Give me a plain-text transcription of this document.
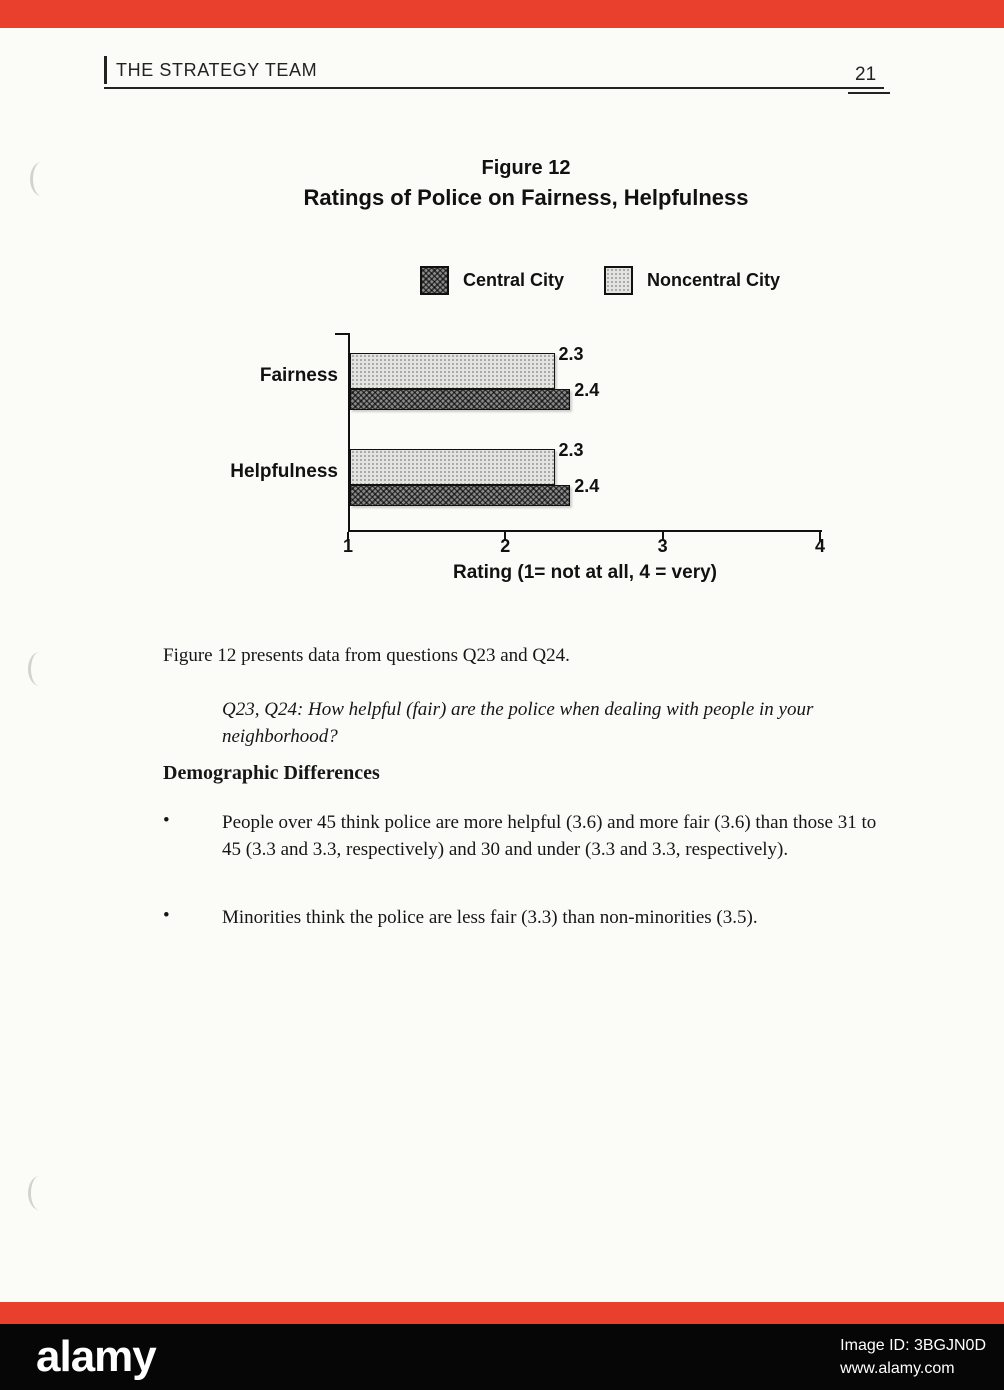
THE STRATEGY TEAM	21
Figure 12
Ratings of Police on Fairness, Helpfulness
Central City	Noncentral City
Fairness
Helpfulness
2.3
2.4
2.3
2.4
1	2	3	4
Rating (1= not at all, 4 = very)
Figure 12 presents data from questions Q23 and Q24.
Q23, Q24: How helpful (fair) are the police when dealing with people in your neighborhood?
Demographic Differences
•	People over 45 think police are more helpful (3.6) and more fair (3.6) than those 31 to 45 (3.3 and 3.3, respectively) and 30 and under (3.3 and 3.3, respectively).

•	Minorities think the police are less fair (3.3) than non-minorities (3.5).

alamy	Image ID: 3BGJN0D
www.alamy.com
